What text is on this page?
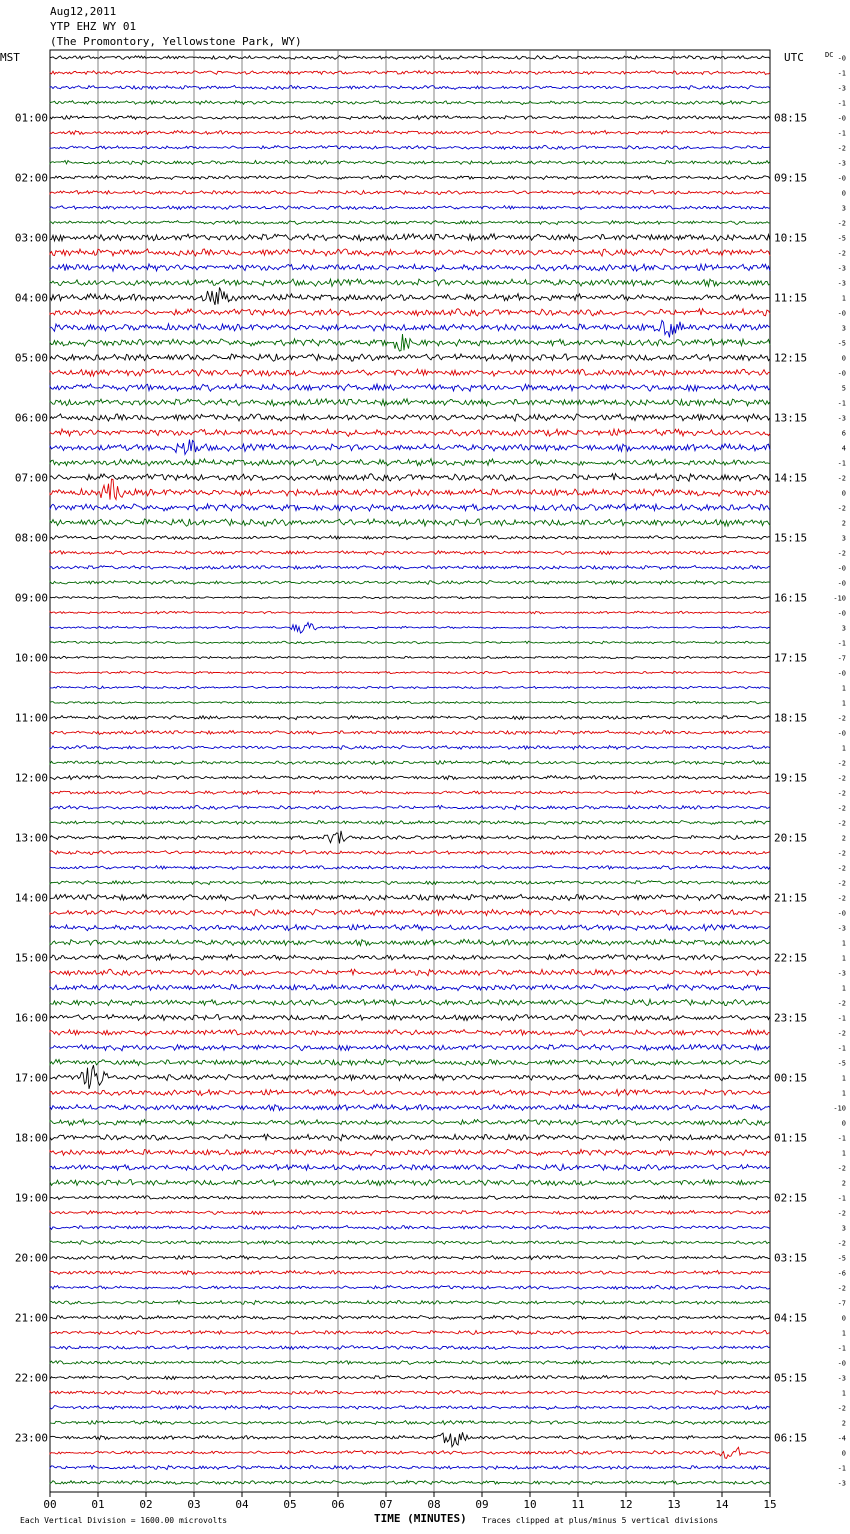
Aug12,2011
YTP EHZ WY 01
(The Promontory, Yellowstone Park, WY)
-0
-1
-3
-1
-0
-1
-2
-3
-0
0
3
-2
-5
-2
-3
-3
1
-0
3
-5
0
-0
5
-1
-3
6
4
-1
-2
0
-2
2
3
-2
-0
-0
-10
-0
3
-1
-7
-0
1
1
-2
-0
1
-2
-2
-2
-2
-2
2
-2
-2
-2
-2
-0
-3
1
1
-3
1
-2
-1
-2
-1
-5
1
1
-10
0
-1
1
-2
2
-1
-2
3
-2
-5
-6
-2
-7
0
1
-1
-0
-3
1
-2
2
-4
0
-1
-3
01:00
02:00
03:00
04:00
05:00
06:00
07:00
08:00
09:00
10:00
11:00
12:00
13:00
14:00
15:00
16:00
17:00
18:00
19:00
20:00
21:00
22:00
23:00
08:15
09:15
10:15
11:15
12:15
13:15
14:15
15:15
16:15
17:15
18:15
19:15
20:15
21:15
22:15
23:15
00:15
01:15
02:15
03:15
04:15
05:15
06:15
MST	UTC	DC
00	01	02	03	04	05	06	07	08	09	10	11	12	13	14	15
Each Vertical Division = 1600.00 microvolts	TIME (MINUTES) Traces clipped at plus/minus 5 vertical divisions
